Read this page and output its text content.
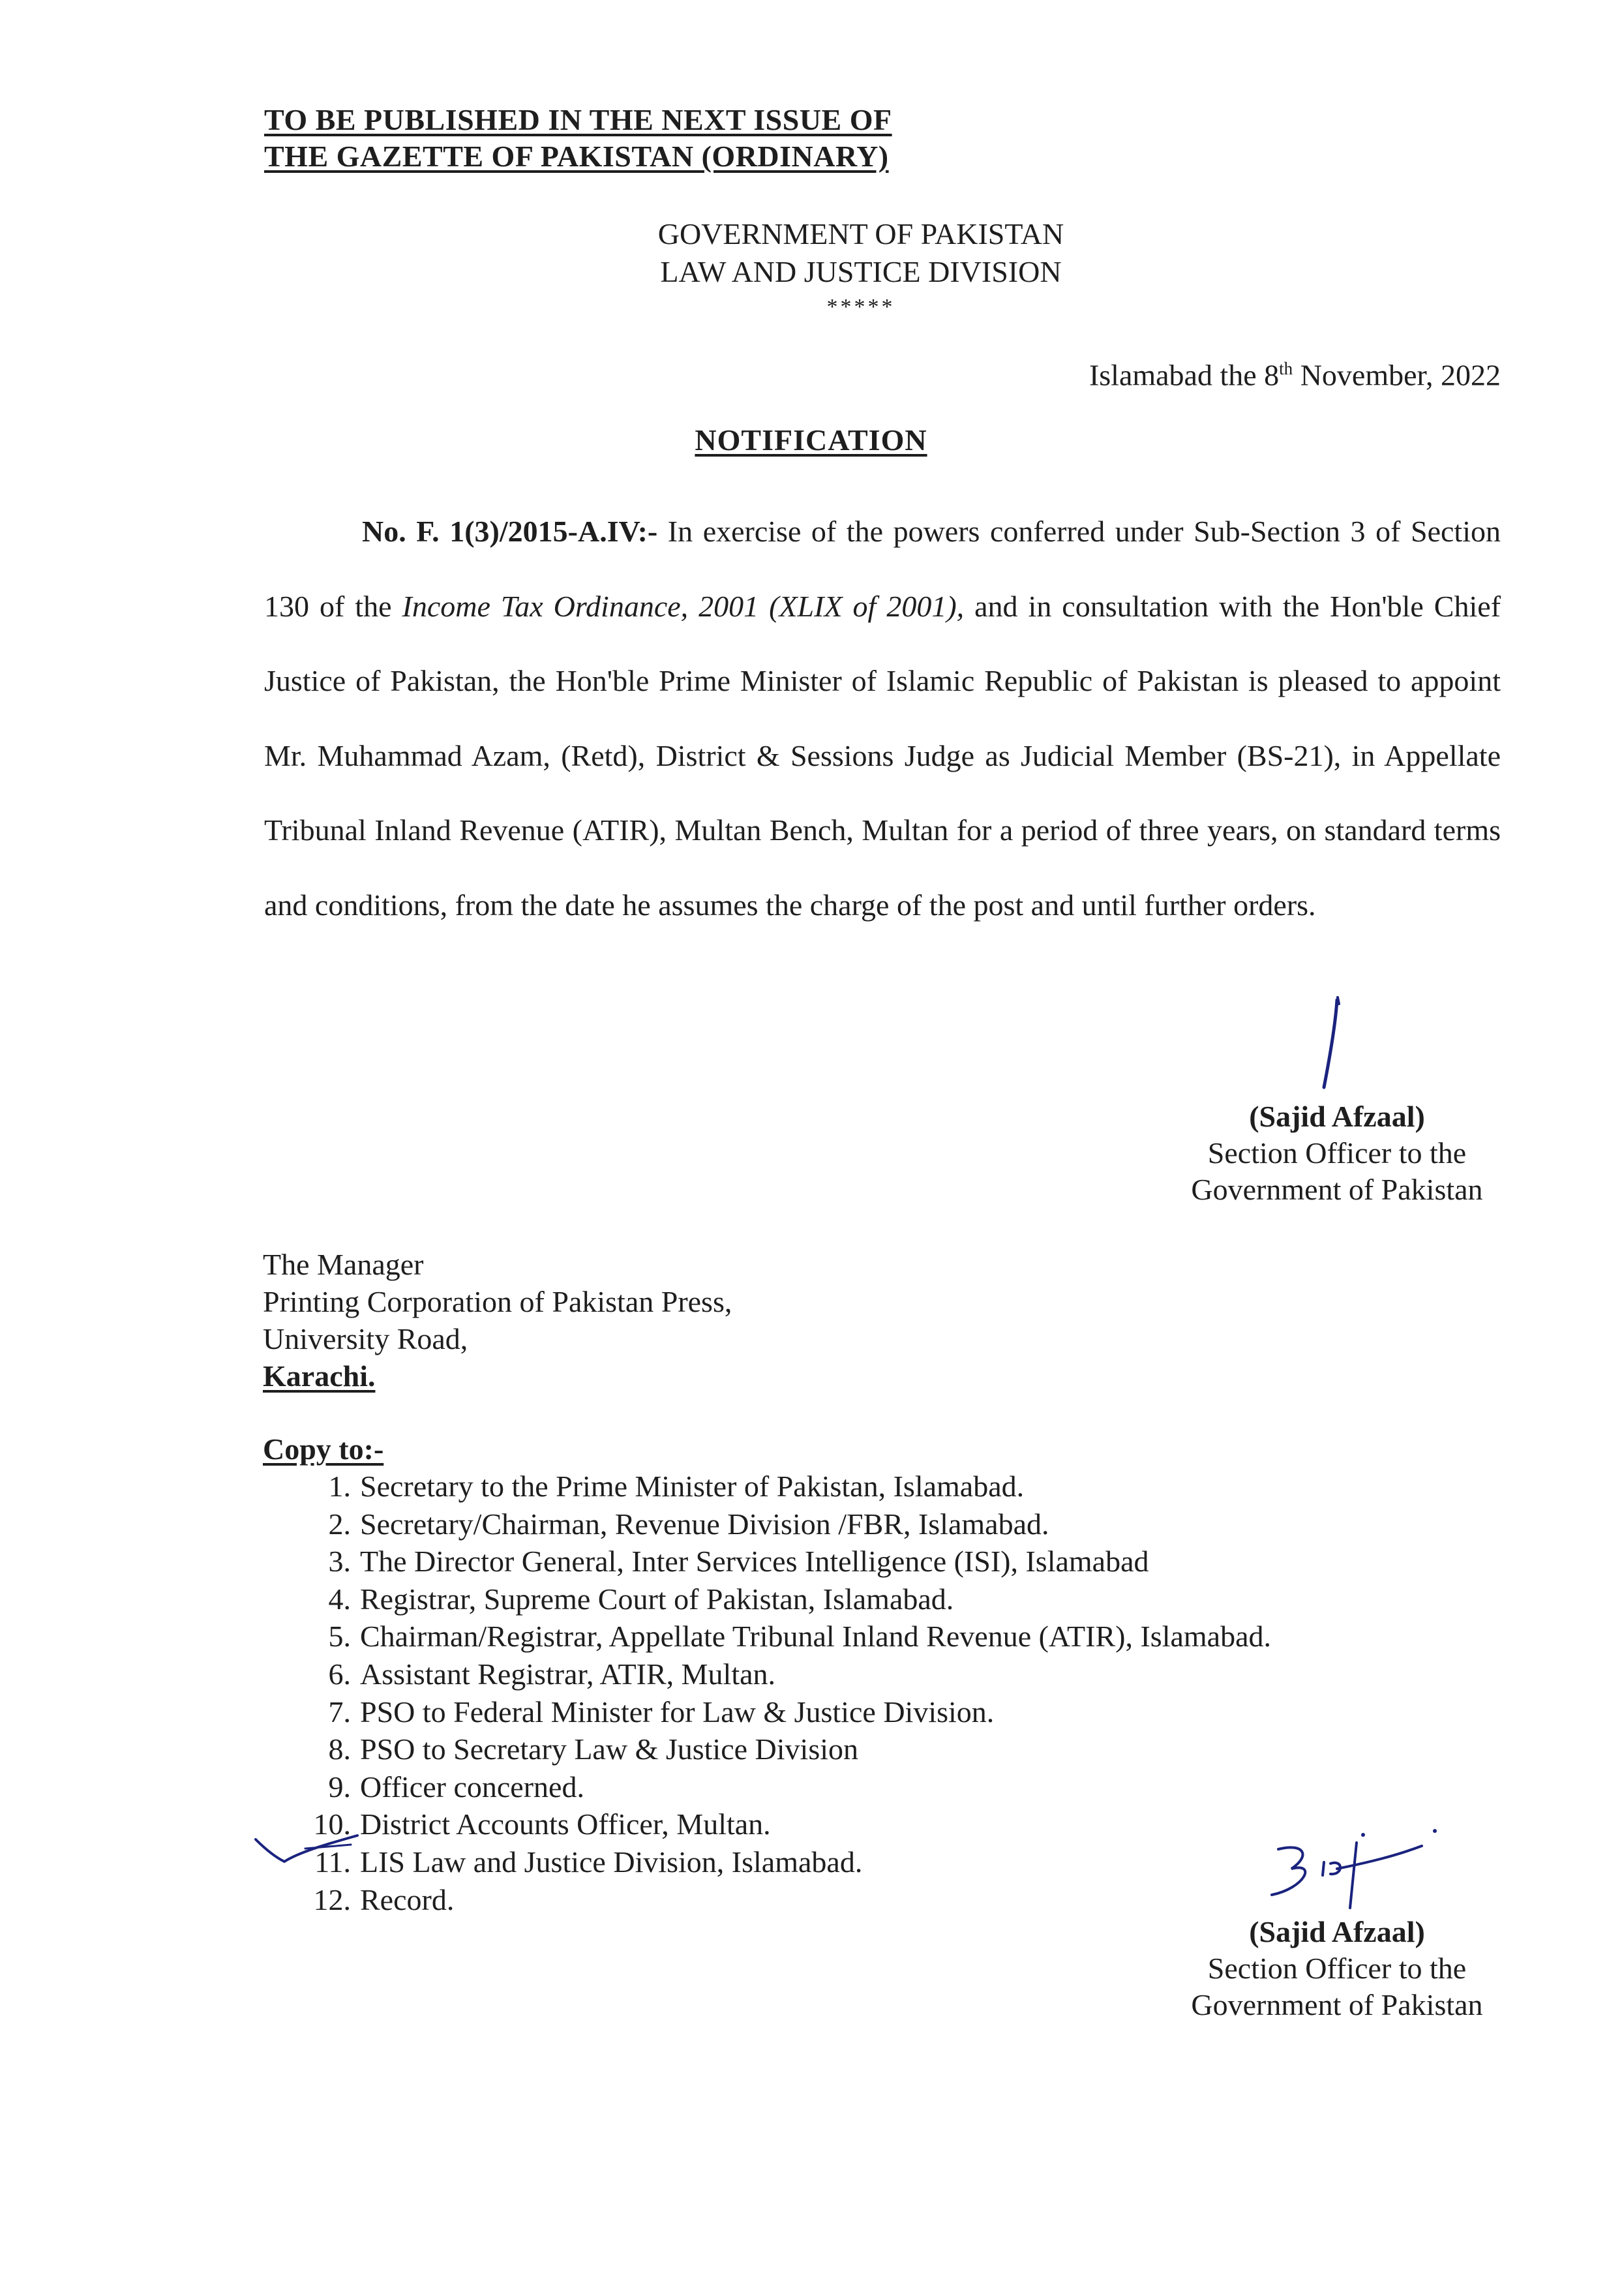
TO BE PUBLISHED IN THE NEXT ISSUE OF
THE GAZETTE OF PAKISTAN (ORDINARY)
GOVERNMENT OF PAKISTAN
LAW AND JUSTICE DIVISION
*****
Islamabad the 8th November, 2022
NOTIFICATION
No. F. 1(3)/2015-A.IV:- In exercise of the powers conferred under Sub-Section 3 of Section 130 of the Income Tax Ordinance, 2001 (XLIX of 2001), and in consultation with the Hon'ble Chief Justice of Pakistan, the Hon'ble Prime Minister of Islamic Republic of Pakistan is pleased to appoint Mr. Muhammad Azam, (Retd), District & Sessions Judge as Judicial Member (BS-21), in Appellate Tribunal Inland Revenue (ATIR), Multan Bench, Multan for a period of three years, on standard terms and conditions, from the date he assumes the charge of the post and until further orders.
(Sajid Afzaal)
Section Officer to the
Government of Pakistan
The Manager
Printing Corporation of Pakistan Press,
University Road,
Karachi.
Copy to:-
1. Secretary to the Prime Minister of Pakistan, Islamabad.
2. Secretary/Chairman, Revenue Division /FBR, Islamabad.
3. The Director General, Inter Services Intelligence (ISI), Islamabad
4. Registrar, Supreme Court of Pakistan, Islamabad.
5. Chairman/Registrar, Appellate Tribunal Inland Revenue (ATIR), Islamabad.
6. Assistant Registrar, ATIR, Multan.
7. PSO to Federal Minister for Law & Justice Division.
8. PSO to Secretary Law & Justice Division
9. Officer concerned.
10. District Accounts Officer, Multan.
11. LIS Law and Justice Division, Islamabad.
12. Record.
(Sajid Afzaal)
Section Officer to the
Government of Pakistan
